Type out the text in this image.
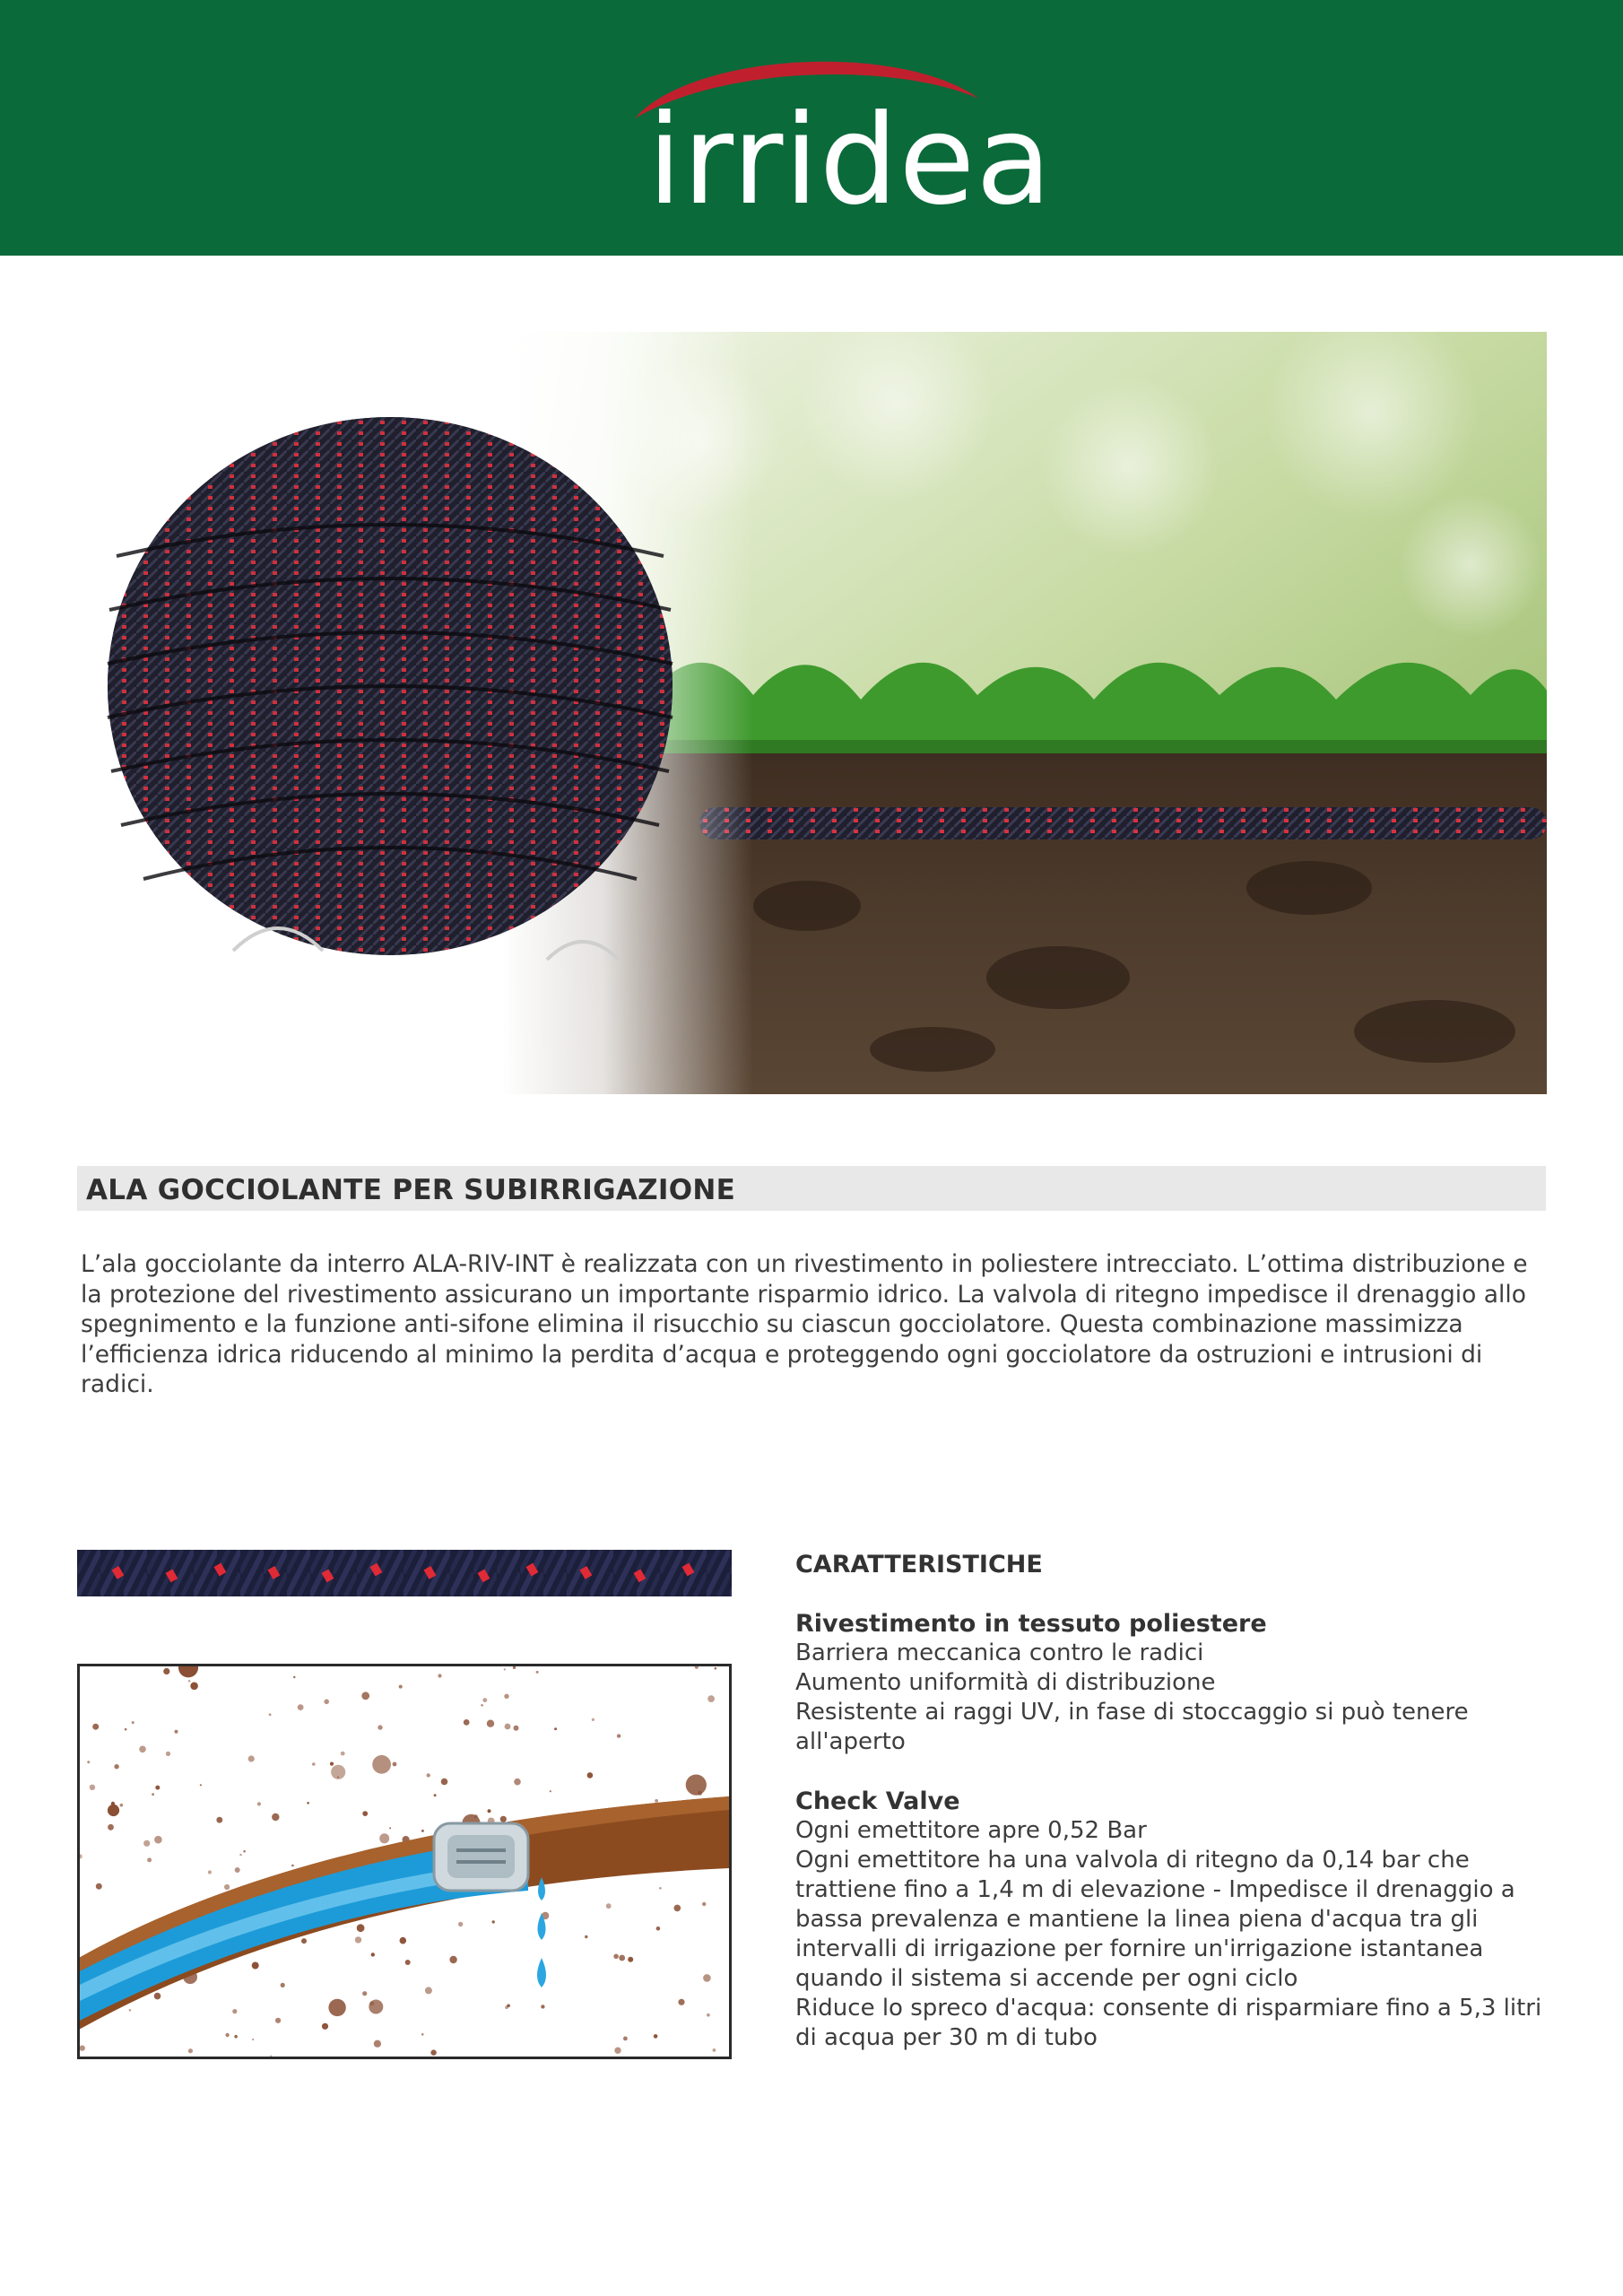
irridea
ALA GOCCIOLANTE PER SUBIRRIGAZIONE

L’ala gocciolante da interro ALA-RIV-INT è realizzata con un rivestimento in poliestere intrecciato. L’ottima distribuzione e la protezione del rivestimento assicurano un importante risparmio idrico. La valvola di ritegno impedisce il drenaggio allo spegnimento e la funzione anti-sifone elimina il risucchio su ciascun gocciolatore. Questa combinazione massimizza l’efficienza idrica riducendo al minimo la perdita d’acqua e proteggendo ogni gocciolatore da ostruzioni e intrusioni di radici.

CARATTERISTICHE
Rivestimento in tessuto poliestere
Barriera meccanica contro le radici
Aumento uniformità di distribuzione
Resistente ai raggi UV, in fase di stoccaggio si può tenere all'aperto
Check Valve
Ogni emettitore apre 0,52 Bar
Ogni emettitore ha una valvola di ritegno da 0,14 bar che trattiene fino a 1,4 m di elevazione - Impedisce il drenaggio a bassa prevalenza e mantiene la linea piena d'acqua tra gli intervalli di irrigazione per fornire un'irrigazione istantanea quando il sistema si accende per ogni ciclo
Riduce lo spreco d'acqua: consente di risparmiare fino a 5,3 litri di acqua per 30 m di tubo
